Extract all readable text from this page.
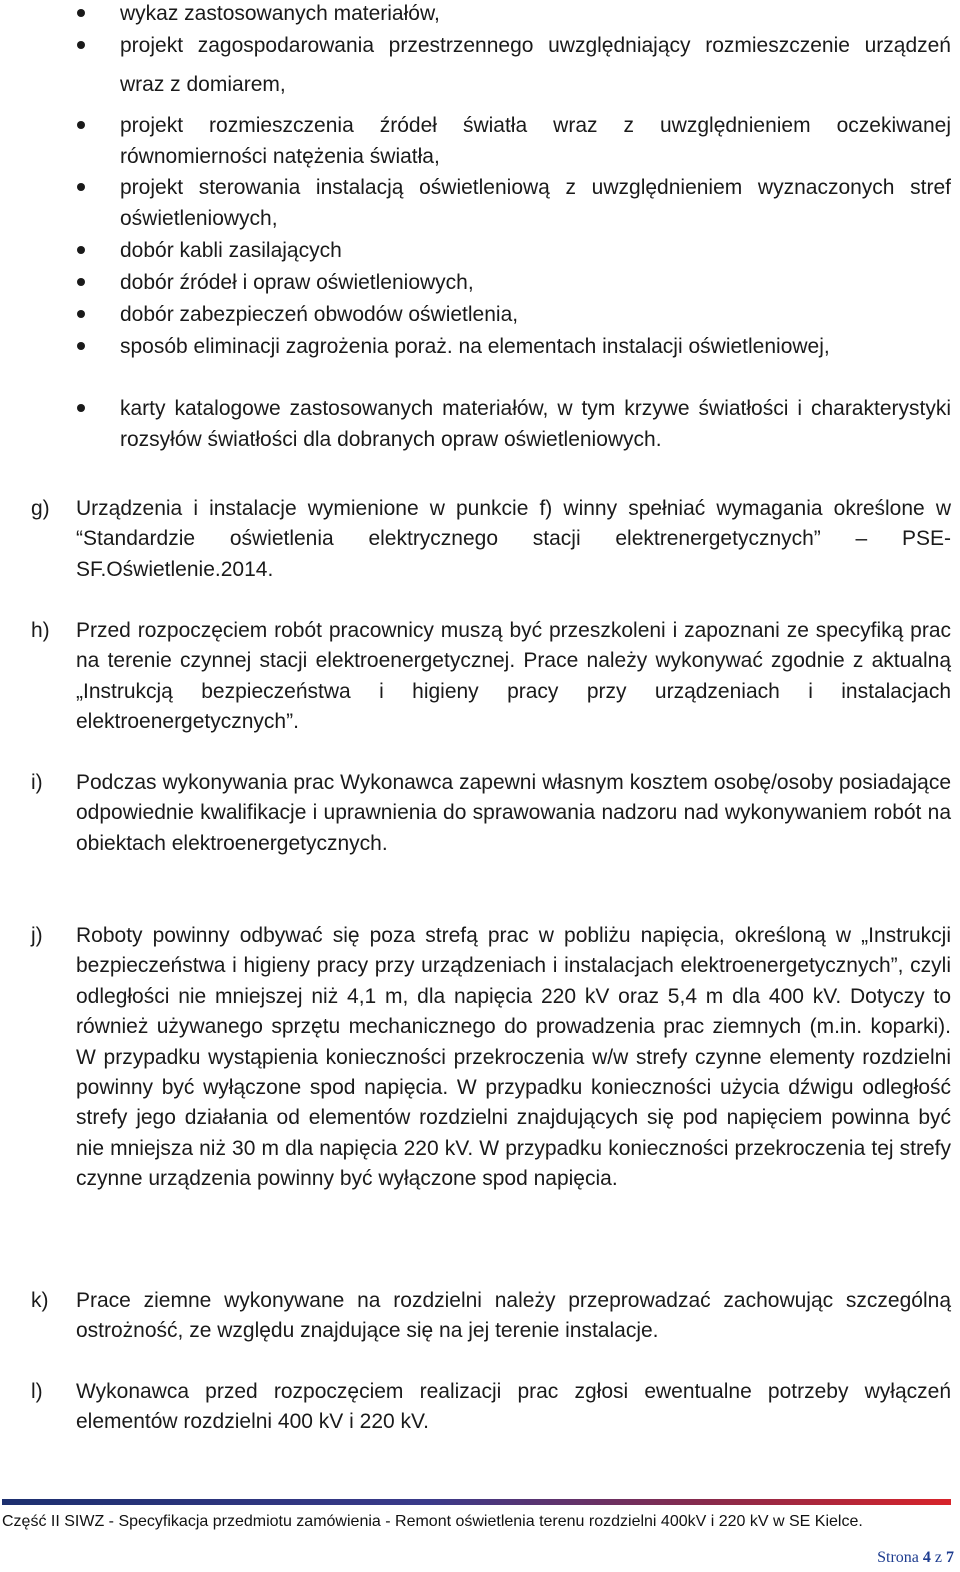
wykaz zastosowanych materiałów,
projekt zagospodarowania przestrzennego uwzględniający rozmieszczenie urządzeń wraz z domiarem,
projekt rozmieszczenia źródeł światła wraz z uwzględnieniem oczekiwanej równomierności natężenia światła,
projekt sterowania instalacją oświetleniową z uwzględnieniem wyznaczonych stref oświetleniowych,
dobór kabli zasilających
dobór źródeł i opraw oświetleniowych,
dobór zabezpieczeń obwodów oświetlenia,
sposób eliminacji zagrożenia poraż. na elementach instalacji oświetleniowej,
karty katalogowe zastosowanych materiałów, w tym krzywe światłości i charakterystyki rozsyłów światłości dla dobranych opraw oświetleniowych.
g) Urządzenia i instalacje wymienione w punkcie f) winny spełniać wymagania określone w “Standardzie oświetlenia elektrycznego stacji elektrenergetycznych” – PSE-SF.Oświetlenie.2014.
h) Przed rozpoczęciem robót pracownicy muszą być przeszkoleni i zapoznani ze specyfiką prac na terenie czynnej stacji elektroenergetycznej. Prace należy wykonywać zgodnie z aktualną „Instrukcją bezpieczeństwa i higieny pracy przy urządzeniach i instalacjach elektroenergetycznych”.
i) Podczas wykonywania prac Wykonawca zapewni własnym kosztem osobę/osoby posiadające odpowiednie kwalifikacje i uprawnienia do sprawowania nadzoru nad wykonywaniem robót na obiektach elektroenergetycznych.
j) Roboty powinny odbywać się poza strefą prac w pobliżu napięcia, określoną w „Instrukcji bezpieczeństwa i higieny pracy przy urządzeniach i instalacjach elektroenergetycznych”, czyli odległości nie mniejszej niż 4,1 m, dla napięcia 220 kV oraz 5,4 m dla 400 kV. Dotyczy to również używanego sprzętu mechanicznego do prowadzenia prac ziemnych (m.in. koparki). W przypadku wystąpienia konieczności przekroczenia w/w strefy czynne elementy rozdzielni powinny być wyłączone spod napięcia. W przypadku konieczności użycia dźwigu odległość strefy jego działania od elementów rozdzielni znajdujących się pod napięciem powinna być nie mniejsza niż 30 m dla napięcia 220 kV. W przypadku konieczności przekroczenia tej strefy czynne urządzenia powinny być wyłączone spod napięcia.
k) Prace ziemne wykonywane na rozdzielni należy przeprowadzać zachowując szczególną ostrożność, ze względu znajdujące się na jej terenie instalacje.
l) Wykonawca przed rozpoczęciem realizacji prac zgłosi ewentualne potrzeby wyłączeń elementów rozdzielni 400 kV i 220 kV.
Część II SIWZ - Specyfikacja przedmiotu zamówienia - Remont oświetlenia terenu rozdzielni 400kV i 220 kV w SE Kielce.
Strona 4 z 7
